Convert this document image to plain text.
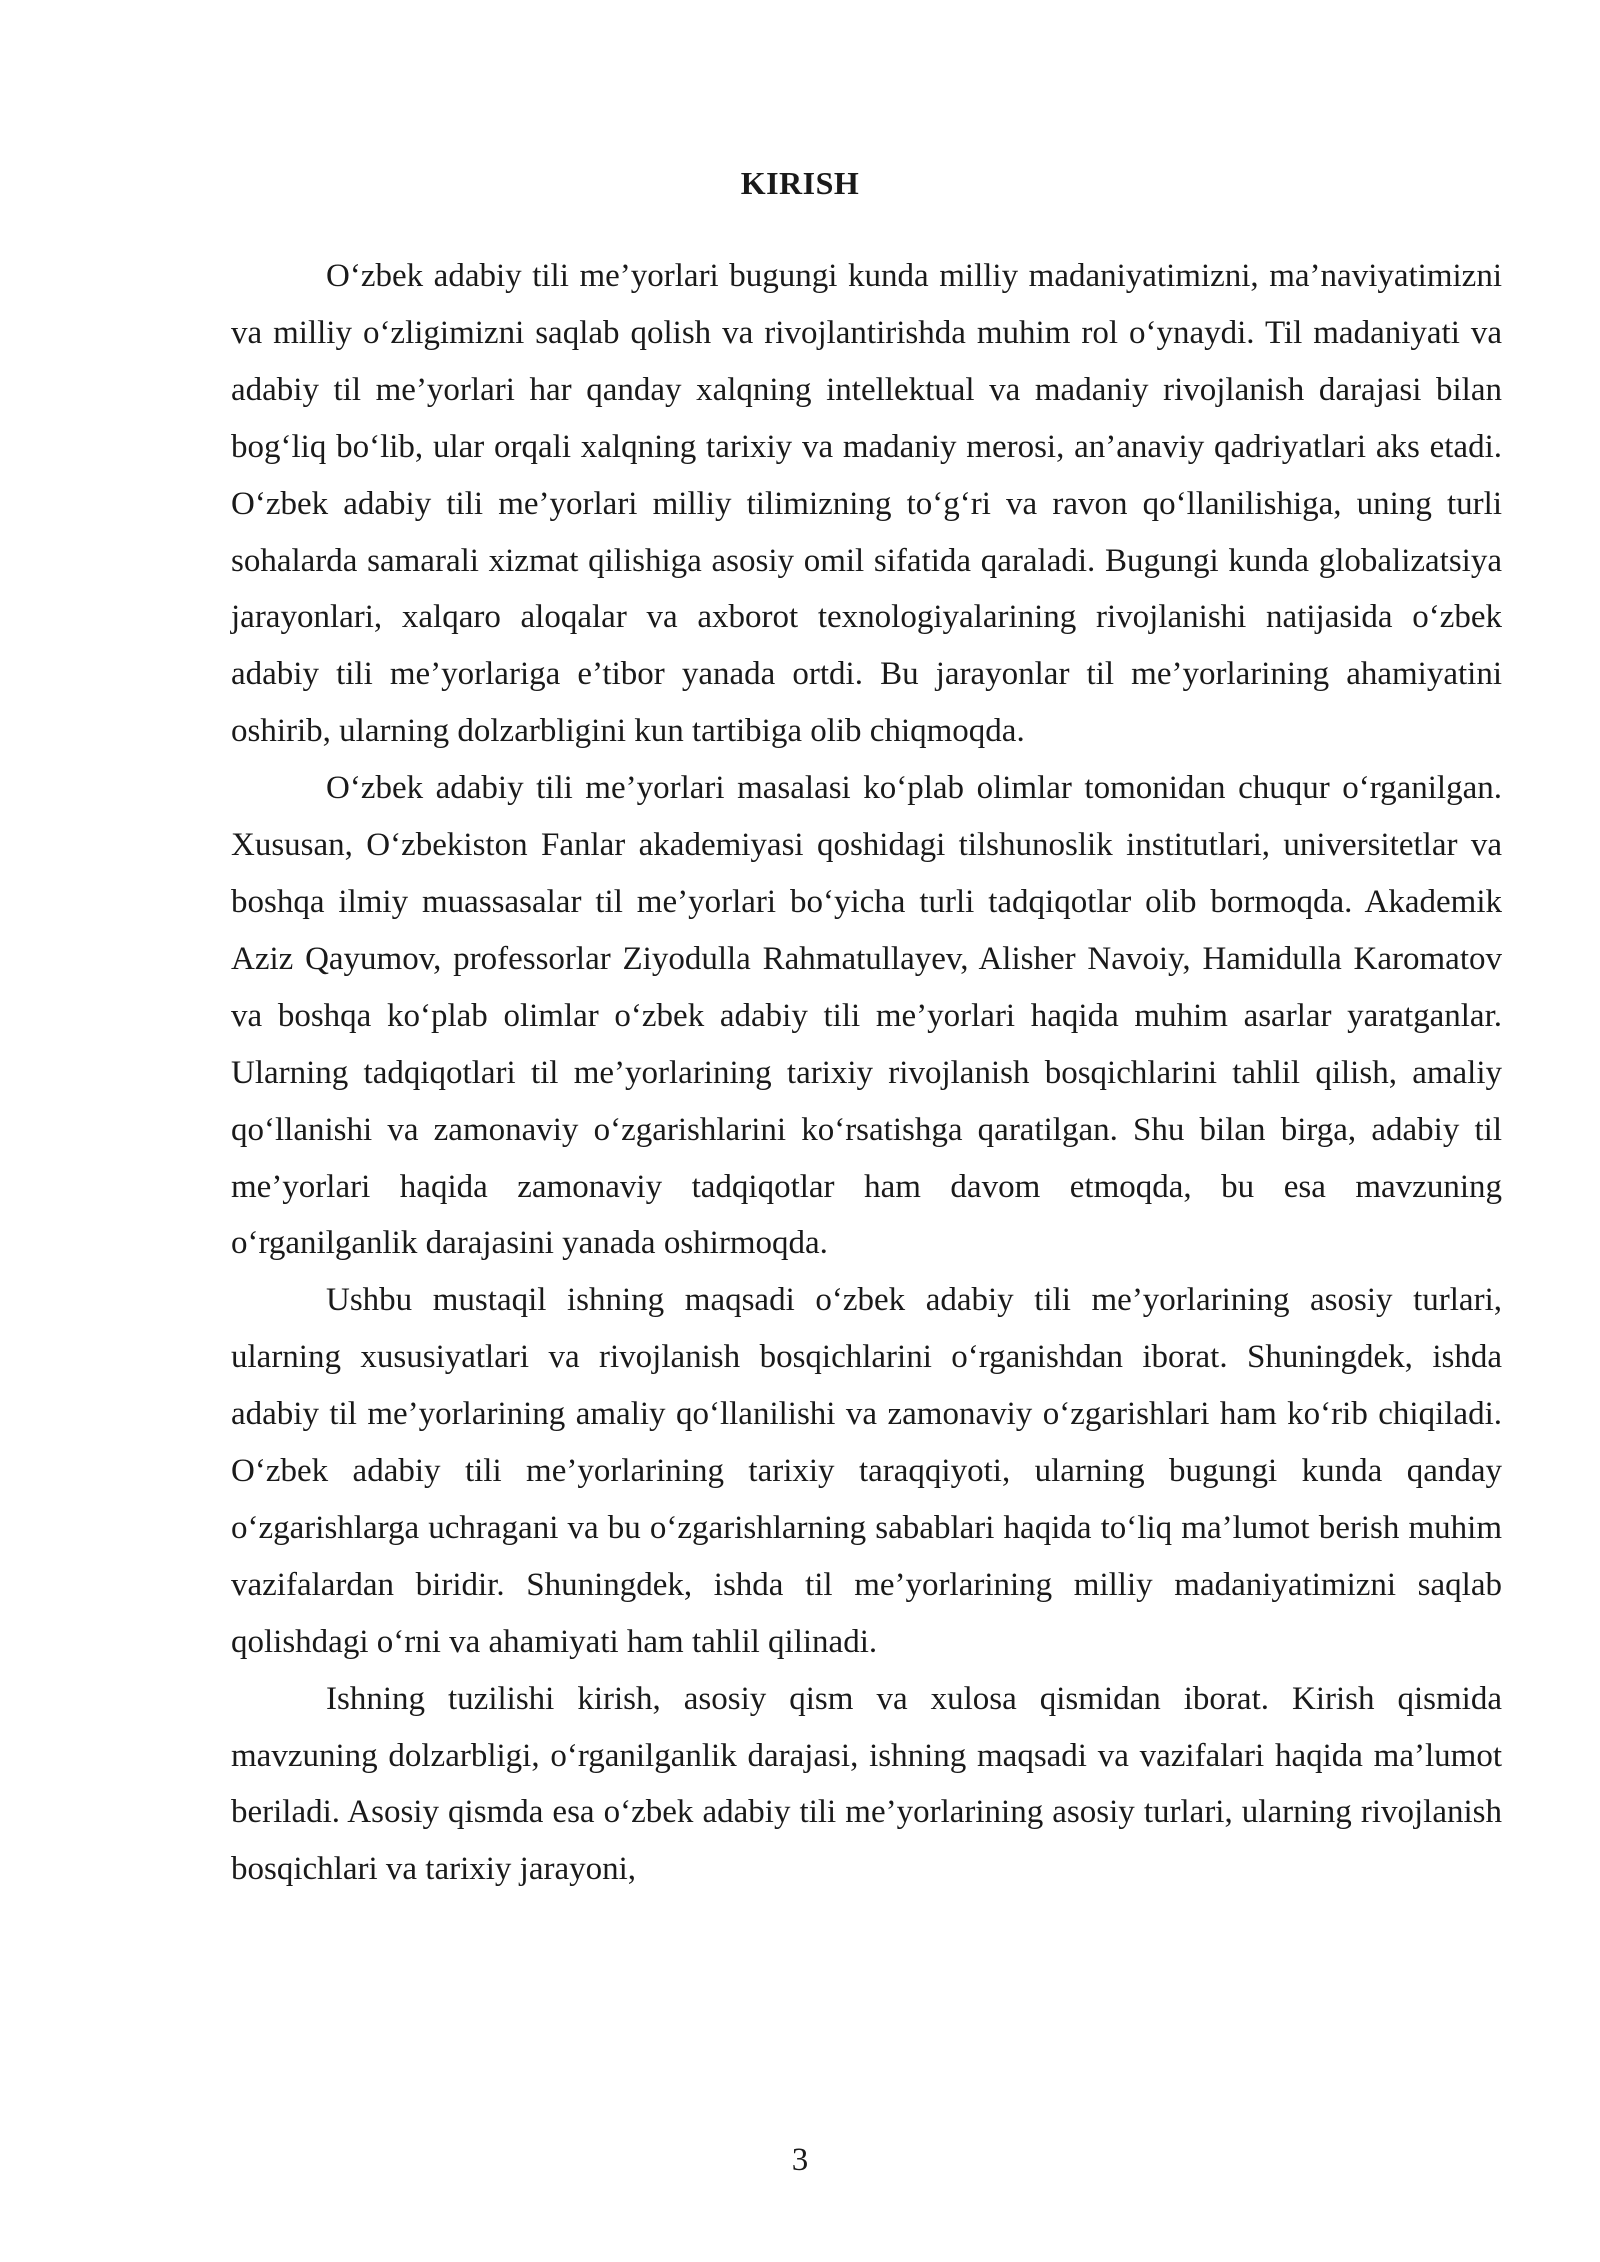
KIRISH

O‘zbek adabiy tili me’yorlari bugungi kunda milliy madaniyatimizni, ma’naviyatimizni va milliy o‘zligimizni saqlab qolish va rivojlantirishda muhim rol o‘ynaydi. Til madaniyati va adabiy til me’yorlari har qanday xalqning intellektual va madaniy rivojlanish darajasi bilan bog‘liq bo‘lib, ular orqali xalqning tarixiy va madaniy merosi, an’anaviy qadriyatlari aks etadi. O‘zbek adabiy tili me’yorlari milliy tilimizning to‘g‘ri va ravon qo‘llanilishiga, uning turli sohalarda samarali xizmat qilishiga asosiy omil sifatida qaraladi. Bugungi kunda globalizatsiya jarayonlari, xalqaro aloqalar va axborot texnologiyalarining rivojlanishi natijasida o‘zbek adabiy tili me’yorlariga e’tibor yanada ortdi. Bu jarayonlar til me’yorlarining ahamiyatini oshirib, ularning dolzarbligini kun tartibiga olib chiqmoqda.

O‘zbek adabiy tili me’yorlari masalasi ko‘plab olimlar tomonidan chuqur o‘rganilgan. Xususan, O‘zbekiston Fanlar akademiyasi qoshidagi tilshunoslik institutlari, universitetlar va boshqa ilmiy muassasalar til me’yorlari bo‘yicha turli tadqiqotlar olib bormoqda. Akademik Aziz Qayumov, professorlar Ziyodulla Rahmatullayev, Alisher Navoiy, Hamidulla Karomatov va boshqa ko‘plab olimlar o‘zbek adabiy tili me’yorlari haqida muhim asarlar yaratganlar. Ularning tadqiqotlari til me’yorlarining tarixiy rivojlanish bosqichlarini tahlil qilish, amaliy qo‘llanishi va zamonaviy o‘zgarishlarini ko‘rsatishga qaratilgan. Shu bilan birga, adabiy til me’yorlari haqida zamonaviy tadqiqotlar ham davom etmoqda, bu esa mavzuning o‘rganilganlik darajasini yanada oshirmoqda.

Ushbu mustaqil ishning maqsadi o‘zbek adabiy tili me’yorlarining asosiy turlari, ularning xususiyatlari va rivojlanish bosqichlarini o‘rganishdan iborat. Shuningdek, ishda adabiy til me’yorlarining amaliy qo‘llanilishi va zamonaviy o‘zgarishlari ham ko‘rib chiqiladi. O‘zbek adabiy tili me’yorlarining tarixiy taraqqiyoti, ularning bugungi kunda qanday o‘zgarishlarga uchragani va bu o‘zgarishlarning sabablari haqida to‘liq ma’lumot berish muhim vazifalardan biridir. Shuningdek, ishda til me’yorlarining milliy madaniyatimizni saqlab qolishdagi o‘rni va ahamiyati ham tahlil qilinadi.

Ishning tuzilishi kirish, asosiy qism va xulosa qismidan iborat. Kirish qismida mavzuning dolzarbligi, o‘rganilganlik darajasi, ishning maqsadi va vazifalari haqida ma’lumot beriladi. Asosiy qismda esa o‘zbek adabiy tili me’yorlarining asosiy turlari, ularning rivojlanish bosqichlari va tarixiy jarayoni,

3
